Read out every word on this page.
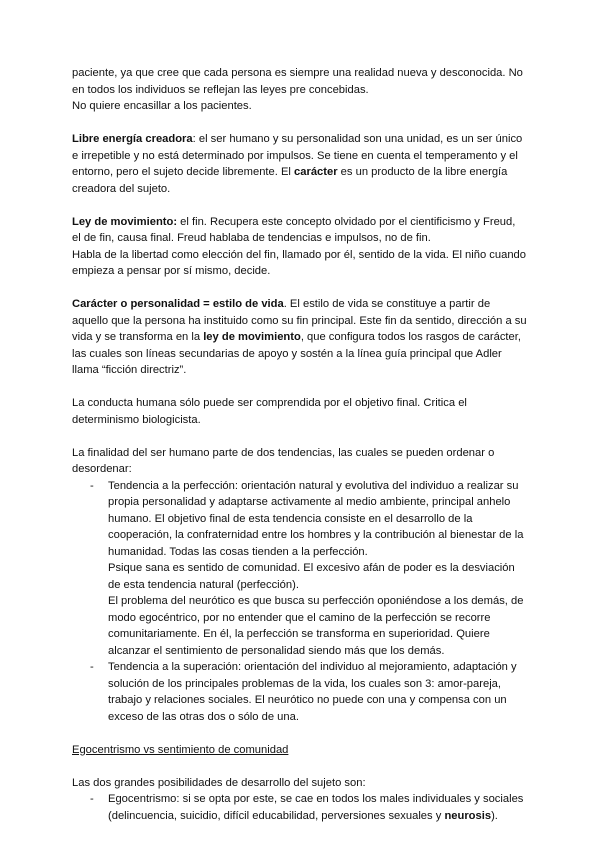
paciente, ya que cree que cada persona es siempre una realidad nueva y desconocida. No en todos los individuos se reflejan las leyes pre concebidas.
No quiere encasillar a los pacientes.

Libre energía creadora: el ser humano y su personalidad son una unidad, es un ser único e irrepetible y no está determinado por impulsos. Se tiene en cuenta el temperamento y el entorno, pero el sujeto decide libremente. El carácter es un producto de la libre energía creadora del sujeto.

Ley de movimiento: el fin. Recupera este concepto olvidado por el cientificismo y Freud, el de fin, causa final. Freud hablaba de tendencias e impulsos, no de fin.
Habla de la libertad como elección del fin, llamado por él, sentido de la vida. El niño cuando empieza a pensar por sí mismo, decide.

Carácter o personalidad = estilo de vida. El estilo de vida se constituye a partir de aquello que la persona ha instituido como su fin principal. Este fin da sentido, dirección a su vida y se transforma en la ley de movimiento, que configura todos los rasgos de carácter, las cuales son líneas secundarias de apoyo y sostén a la línea guía principal que Adler llama “ficción directriz”.

La conducta humana sólo puede ser comprendida por el objetivo final. Critica el determinismo biologicista.

La finalidad del ser humano parte de dos tendencias, las cuales se pueden ordenar o desordenar:

- Tendencia a la perfección: orientación natural y evolutiva del individuo a realizar su propia personalidad y adaptarse activamente al medio ambiente, principal anhelo humano. El objetivo final de esta tendencia consiste en el desarrollo de la cooperación, la confraternidad entre los hombres y la contribución al bienestar de la humanidad. Todas las cosas tienden a la perfección.
Psique sana es sentido de comunidad. El excesivo afán de poder es la desviación de esta tendencia natural (perfección).
El problema del neurótico es que busca su perfección oponiéndose a los demás, de modo egocéntrico, por no entender que el camino de la perfección se recorre comunitariamente. En él, la perfección se transforma en superioridad. Quiere alcanzar el sentimiento de personalidad siendo más que los demás.
- Tendencia a la superación: orientación del individuo al mejoramiento, adaptación y solución de los principales problemas de la vida, los cuales son 3: amor-pareja, trabajo y relaciones sociales. El neurótico no puede con una y compensa con un exceso de las otras dos o sólo de una.

Egocentrismo vs sentimiento de comunidad

Las dos grandes posibilidades de desarrollo del sujeto son:

- Egocentrismo: si se opta por este, se cae en todos los males individuales y sociales (delincuencia, suicidio, difícil educabilidad, perversiones sexuales y neurosis).
